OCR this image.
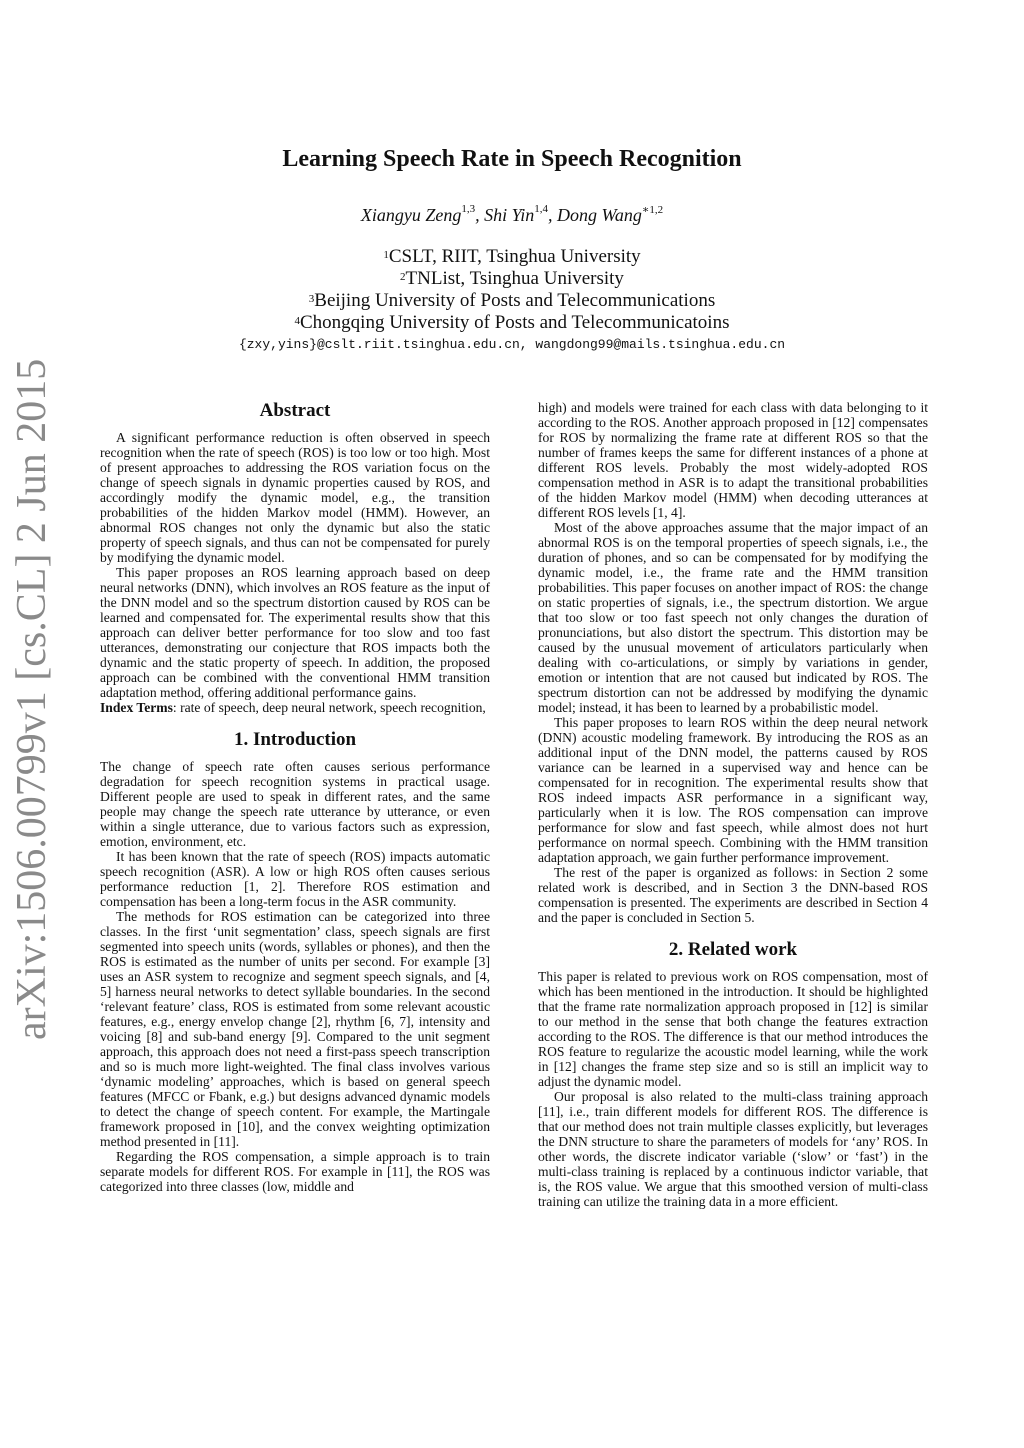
arXiv:1506.00799v1 [cs.CL] 2 Jun 2015
Learning Speech Rate in Speech Recognition
Xiangyu Zeng$^{1,3}$, Shi Yin$^{1,4}$, Dong Wang$^{∗1,2}$
$^1$CSLT, RIIT, Tsinghua University
$^2$TNList, Tsinghua University
$^3$Beijing University of Posts and Telecommunications
$^4$Chongqing University of Posts and Telecommunicatoins
{zxy,yins}@cslt.riit.tsinghua.edu.cn, wangdong99@mails.tsinghua.edu.cn
Abstract

A significant performance reduction is often observed in speech recognition when the rate of speech (ROS) is too low or too high. Most of present approaches to addressing the ROS variation focus on the change of speech signals in dynamic properties caused by ROS, and accordingly modify the dynamic model, e.g., the transition probabilities of the hidden Markov model (HMM). However, an abnormal ROS changes not only the dynamic but also the static property of speech signals, and thus can not be compensated for purely by modifying the dynamic model.

This paper proposes an ROS learning approach based on deep neural networks (DNN), which involves an ROS feature as the input of the DNN model and so the spectrum distortion caused by ROS can be learned and compensated for. The experimental results show that this approach can deliver better performance for too slow and too fast utterances, demonstrating our conjecture that ROS impacts both the dynamic and the static property of speech. In addition, the proposed approach can be combined with the conventional HMM transition adaptation method, offering additional performance gains.

Index Terms: rate of speech, deep neural network, speech recognition,

1. Introduction

The change of speech rate often causes serious performance degradation for speech recognition systems in practical usage. Different people are used to speak in different rates, and the same people may change the speech rate utterance by utterance, or even within a single utterance, due to various factors such as expression, emotion, environment, etc.

It has been known that the rate of speech (ROS) impacts automatic speech recognition (ASR). A low or high ROS often causes serious performance reduction [1, 2]. Therefore ROS estimation and compensation has been a long-term focus in the ASR community.

The methods for ROS estimation can be categorized into three classes. In the first ‘unit segmentation’ class, speech signals are first segmented into speech units (words, syllables or phones), and then the ROS is estimated as the number of units per second. For example [3] uses an ASR system to recognize and segment speech signals, and [4, 5] harness neural networks to detect syllable boundaries. In the second ‘relevant feature’ class, ROS is estimated from some relevant acoustic features, e.g., energy envelop change [2], rhythm [6, 7], intensity and voicing [8] and sub-band energy [9]. Compared to the unit segment approach, this approach does not need a first-pass speech transcription and so is much more light-weighted. The final class involves various ‘dynamic modeling’ approaches, which is based on general speech features (MFCC or Fbank, e.g.) but designs advanced dynamic models to detect the change of speech content. For example, the Martingale framework proposed in [10], and the convex weighting optimization method presented in [11].

Regarding the ROS compensation, a simple approach is to train separate models for different ROS. For example in [11], the ROS was categorized into three classes (low, middle and

high) and models were trained for each class with data belonging to it according to the ROS. Another approach proposed in [12] compensates for ROS by normalizing the frame rate at different ROS so that the number of frames keeps the same for different instances of a phone at different ROS levels. Probably the most widely-adopted ROS compensation method in ASR is to adapt the transitional probabilities of the hidden Markov model (HMM) when decoding utterances at different ROS levels [1, 4].

Most of the above approaches assume that the major impact of an abnormal ROS is on the temporal properties of speech signals, i.e., the duration of phones, and so can be compensated for by modifying the dynamic model, i.e., the frame rate and the HMM transition probabilities. This paper focuses on another impact of ROS: the change on static properties of signals, i.e., the spectrum distortion. We argue that too slow or too fast speech not only changes the duration of pronunciations, but also distort the spectrum. This distortion may be caused by the unusual movement of articulators particularly when dealing with co-articulations, or simply by variations in gender, emotion or intention that are not caused but indicated by ROS. The spectrum distortion can not be addressed by modifying the dynamic model; instead, it has been to learned by a probabilistic model.

This paper proposes to learn ROS within the deep neural network (DNN) acoustic modeling framework. By introducing the ROS as an additional input of the DNN model, the patterns caused by ROS variance can be learned in a supervised way and hence can be compensated for in recognition. The experimental results show that ROS indeed impacts ASR performance in a significant way, particularly when it is low. The ROS compensation can improve performance for slow and fast speech, while almost does not hurt performance on normal speech. Combining with the HMM transition adaptation approach, we gain further performance improvement.

The rest of the paper is organized as follows: in Section 2 some related work is described, and in Section 3 the DNN-based ROS compensation is presented. The experiments are described in Section 4 and the paper is concluded in Section 5.

2. Related work

This paper is related to previous work on ROS compensation, most of which has been mentioned in the introduction. It should be highlighted that the frame rate normalization approach proposed in [12] is similar to our method in the sense that both change the features extraction according to the ROS. The difference is that our method introduces the ROS feature to regularize the acoustic model learning, while the work in [12] changes the frame step size and so is still an implicit way to adjust the dynamic model.

Our proposal is also related to the multi-class training approach [11], i.e., train different models for different ROS. The difference is that our method does not train multiple classes explicitly, but leverages the DNN structure to share the parameters of models for ‘any’ ROS. In other words, the discrete indicator variable (‘slow’ or ‘fast’) in the multi-class training is replaced by a continuous indictor variable, that is, the ROS value. We argue that this smoothed version of multi-class training can utilize the training data in a more efficient.
